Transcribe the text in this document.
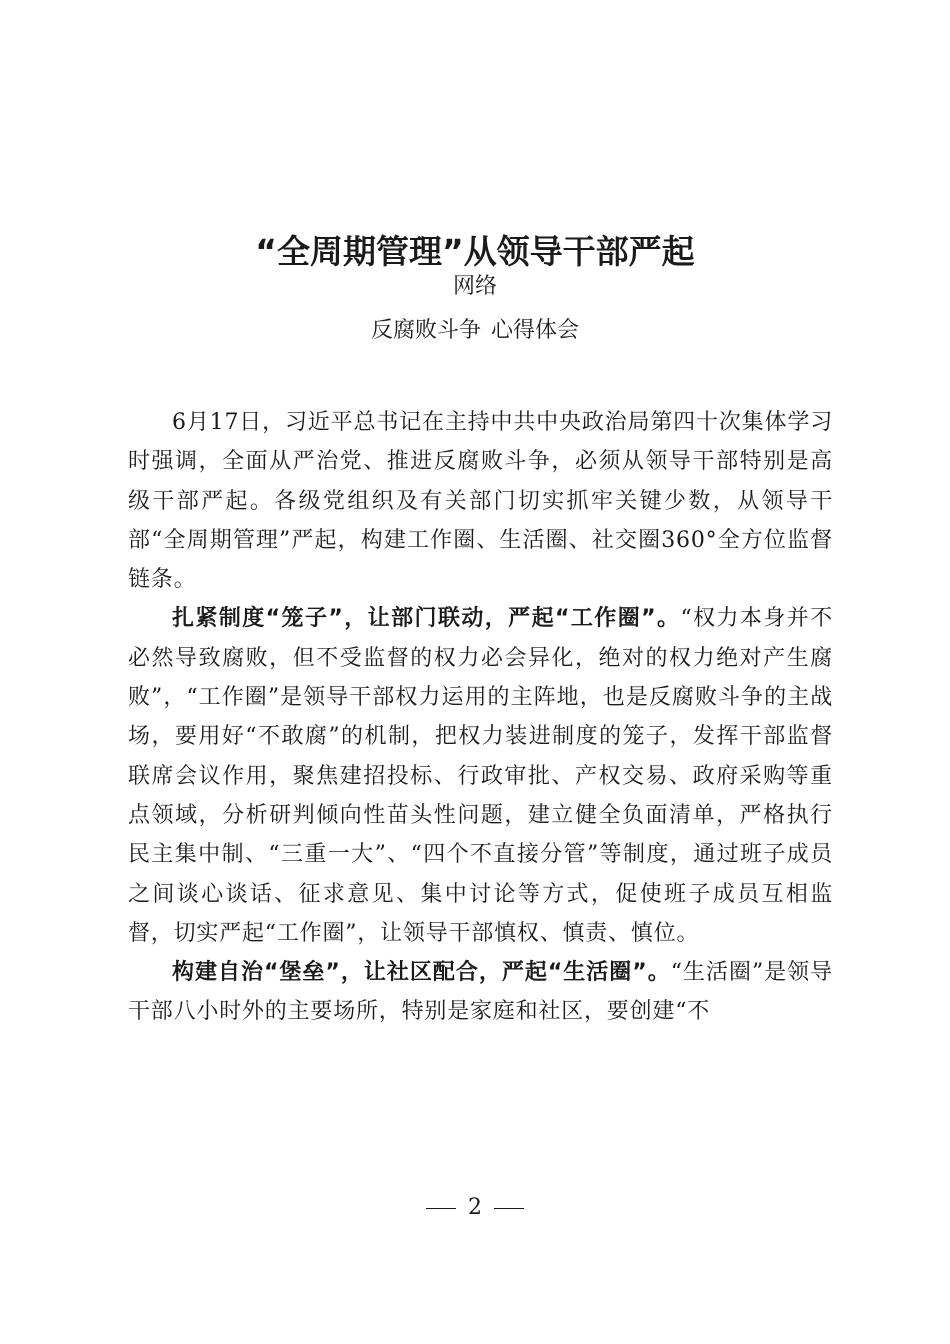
“全周期管理”从领导干部严起
网络
反腐败斗争 心得体会

6月17日，习近平总书记在主持中共中央政治局第四十次集体学习时强调，全面从严治党、推进反腐败斗争，必须从领导干部特别是高级干部严起。各级党组织及有关部门切实抓牢关键少数，从领导干部“全周期管理”严起，构建工作圈、生活圈、社交圈360°全方位监督链条。

扎紧制度“笼子”，让部门联动，严起“工作圈”。“权力本身并不必然导致腐败，但不受监督的权力必会异化，绝对的权力绝对产生腐败”，“工作圈”是领导干部权力运用的主阵地，也是反腐败斗争的主战场，要用好“不敢腐”的机制，把权力装进制度的笼子，发挥干部监督联席会议作用，聚焦建招投标、行政审批、产权交易、政府采购等重点领域，分析研判倾向性苗头性问题，建立健全负面清单，严格执行民主集中制、“三重一大”、“四个不直接分管”等制度，通过班子成员之间谈心谈话、征求意见、集中讨论等方式，促使班子成员互相监督，切实严起“工作圈”，让领导干部慎权、慎责、慎位。

构建自治“堡垒”，让社区配合，严起“生活圈”。“生活圈”是领导干部八小时外的主要场所，特别是家庭和社区，要创建“不

2
